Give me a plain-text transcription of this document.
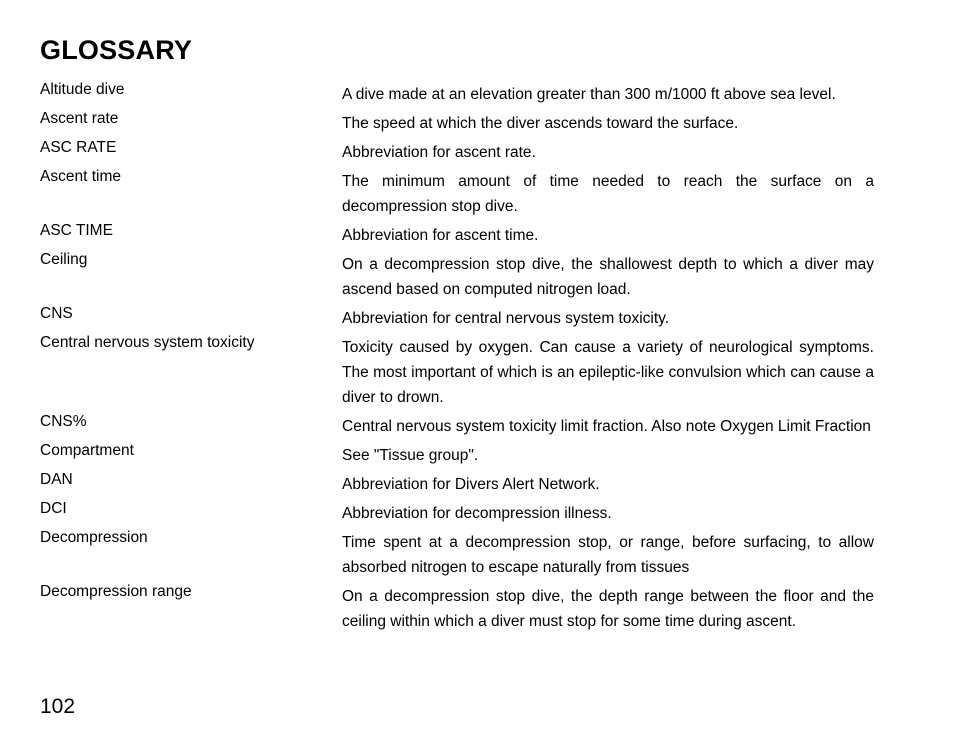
GLOSSARY
Altitude dive	A dive made at an elevation greater than 300 m/1000 ft above sea level.
Ascent rate	The speed at which the diver ascends toward the surface.
ASC RATE	Abbreviation for ascent rate.
Ascent time	The minimum amount of time needed to reach the surface on a decompression stop dive.
ASC TIME	Abbreviation for ascent time.
Ceiling	On a decompression stop dive, the shallowest depth to which a diver may ascend based on computed nitrogen load.
CNS	Abbreviation for central nervous system toxicity.
Central nervous system toxicity	Toxicity caused by oxygen. Can cause a variety of neurological symptoms. The most important of which is an epileptic-like convulsion which can cause a diver to drown.
CNS%	Central nervous system toxicity limit fraction. Also note Oxygen Limit Fraction
Compartment	See "Tissue group".
DAN	Abbreviation for Divers Alert Network.
DCI	Abbreviation for decompression illness.
Decompression	Time spent at a decompression stop, or range, before surfacing, to allow absorbed nitrogen to escape naturally from tissues
Decompression range	On a decompression stop dive, the depth range between the floor and the ceiling within which a diver must stop for some time during ascent.
102
